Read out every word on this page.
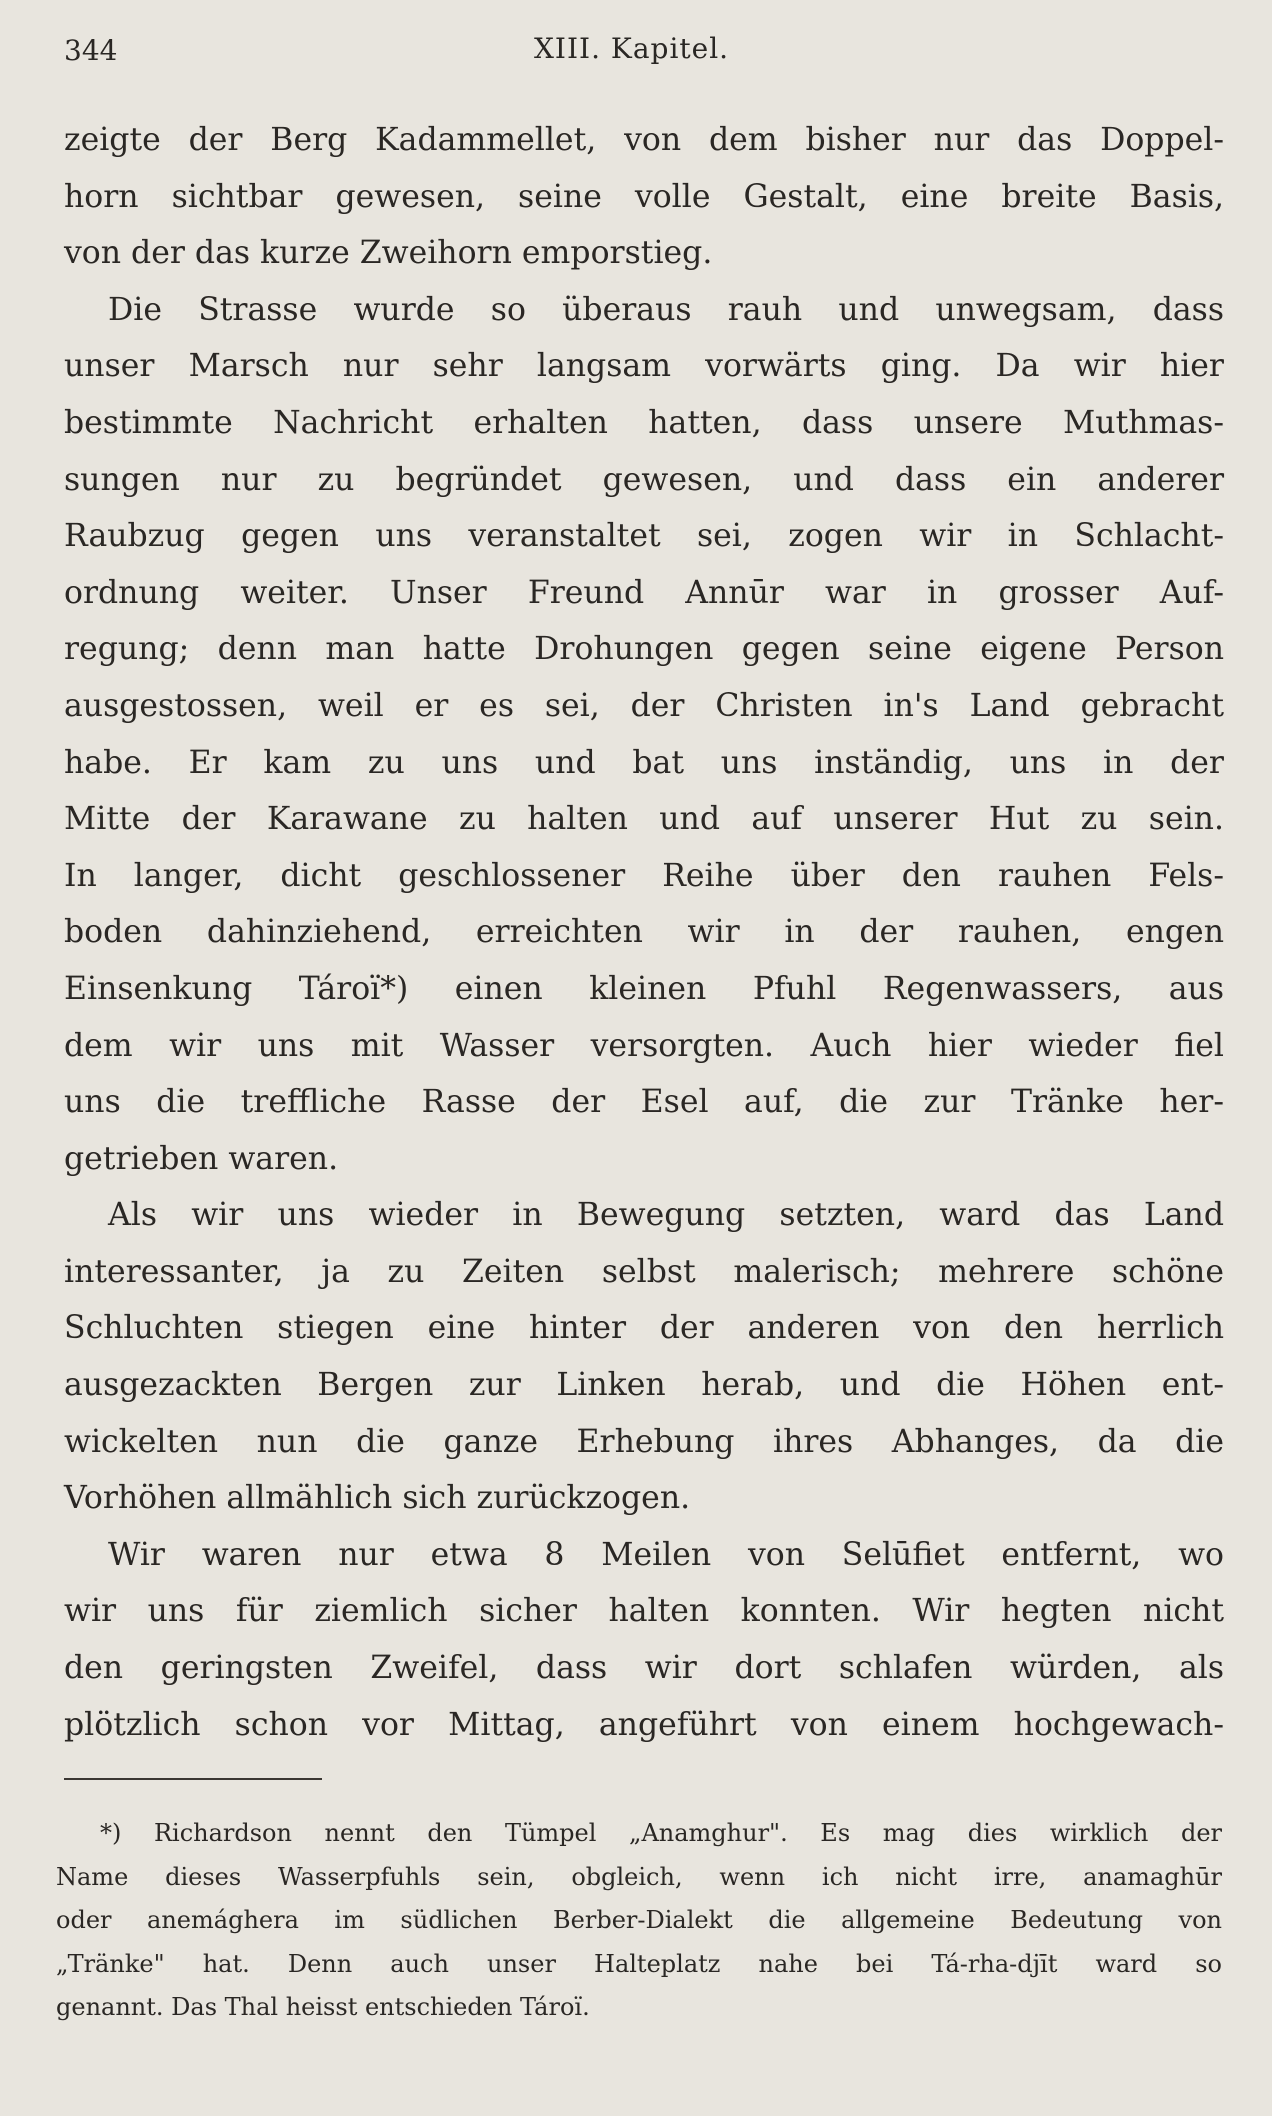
344	XIII. Kapitel.

zeigte der Berg Kadammellet, von dem bisher nur das Doppel-
horn sichtbar gewesen, seine volle Gestalt, eine breite Basis,
von der das kurze Zweihorn emporstieg.

Die Strasse wurde so überaus rauh und unwegsam, dass
unser Marsch nur sehr langsam vorwärts ging. Da wir hier
bestimmte Nachricht erhalten hatten, dass unsere Muthmas-
sungen nur zu begründet gewesen, und dass ein anderer
Raubzug gegen uns veranstaltet sei, zogen wir in Schlacht-
ordnung weiter. Unser Freund Annūr war in grosser Auf-
regung; denn man hatte Drohungen gegen seine eigene Person
ausgestossen, weil er es sei, der Christen in's Land gebracht
habe. Er kam zu uns und bat uns inständig, uns in der
Mitte der Karawane zu halten und auf unserer Hut zu sein.
In langer, dicht geschlossener Reihe über den rauhen Fels-
boden dahinziehend, erreichten wir in der rauhen, engen
Einsenkung Tároï*) einen kleinen Pfuhl Regenwassers, aus
dem wir uns mit Wasser versorgten. Auch hier wieder fiel
uns die treffliche Rasse der Esel auf, die zur Tränke her-
getrieben waren.

Als wir uns wieder in Bewegung setzten, ward das Land
interessanter, ja zu Zeiten selbst malerisch; mehrere schöne
Schluchten stiegen eine hinter der anderen von den herrlich
ausgezackten Bergen zur Linken herab, und die Höhen ent-
wickelten nun die ganze Erhebung ihres Abhanges, da die
Vorhöhen allmählich sich zurückzogen.

Wir waren nur etwa 8 Meilen von Selūfiet entfernt, wo
wir uns für ziemlich sicher halten konnten. Wir hegten nicht
den geringsten Zweifel, dass wir dort schlafen würden, als
plötzlich schon vor Mittag, angeführt von einem hochgewach-

*) Richardson nennt den Tümpel „Anamghur". Es mag dies wirklich der
Name dieses Wasserpfuhls sein, obgleich, wenn ich nicht irre, anamaghūr
oder anemághera im südlichen Berber-Dialekt die allgemeine Bedeutung von
„Tränke" hat. Denn auch unser Halteplatz nahe bei Tá-rha-djīt ward so
genannt. Das Thal heisst entschieden Tároï.
